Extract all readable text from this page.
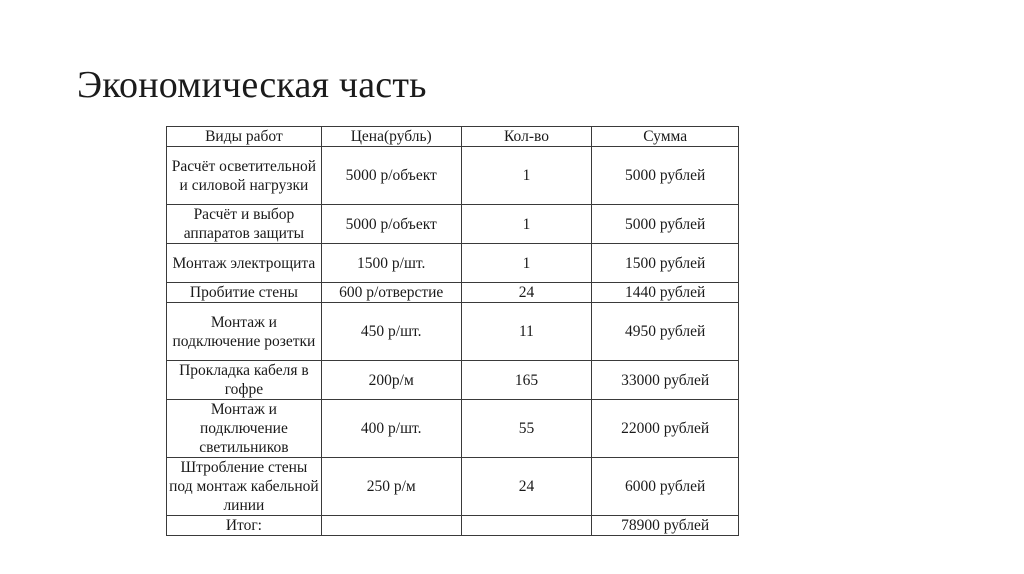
Экономическая часть
Виды работ	Цена(рубль)	Кол-во	Сумма
Расчёт осветительной и силовой нагрузки	5000 р/объект	1	5000 рублей
Расчёт и выбор аппаратов защиты	5000 р/объект	1	5000 рублей
Монтаж электрощита	1500 р/шт.	1	1500 рублей
Пробитие стены	600 р/отверстие	24	1440 рублей
Монтаж и подключение розетки	450 р/шт.	11	4950 рублей
Прокладка кабеля в гофре	200р/м	165	33000 рублей
Монтаж и подключение светильников	400 р/шт.	55	22000 рублей
Штробление стены под монтаж кабельной линии	250 р/м	24	6000 рублей
Итог:			78900 рублей
